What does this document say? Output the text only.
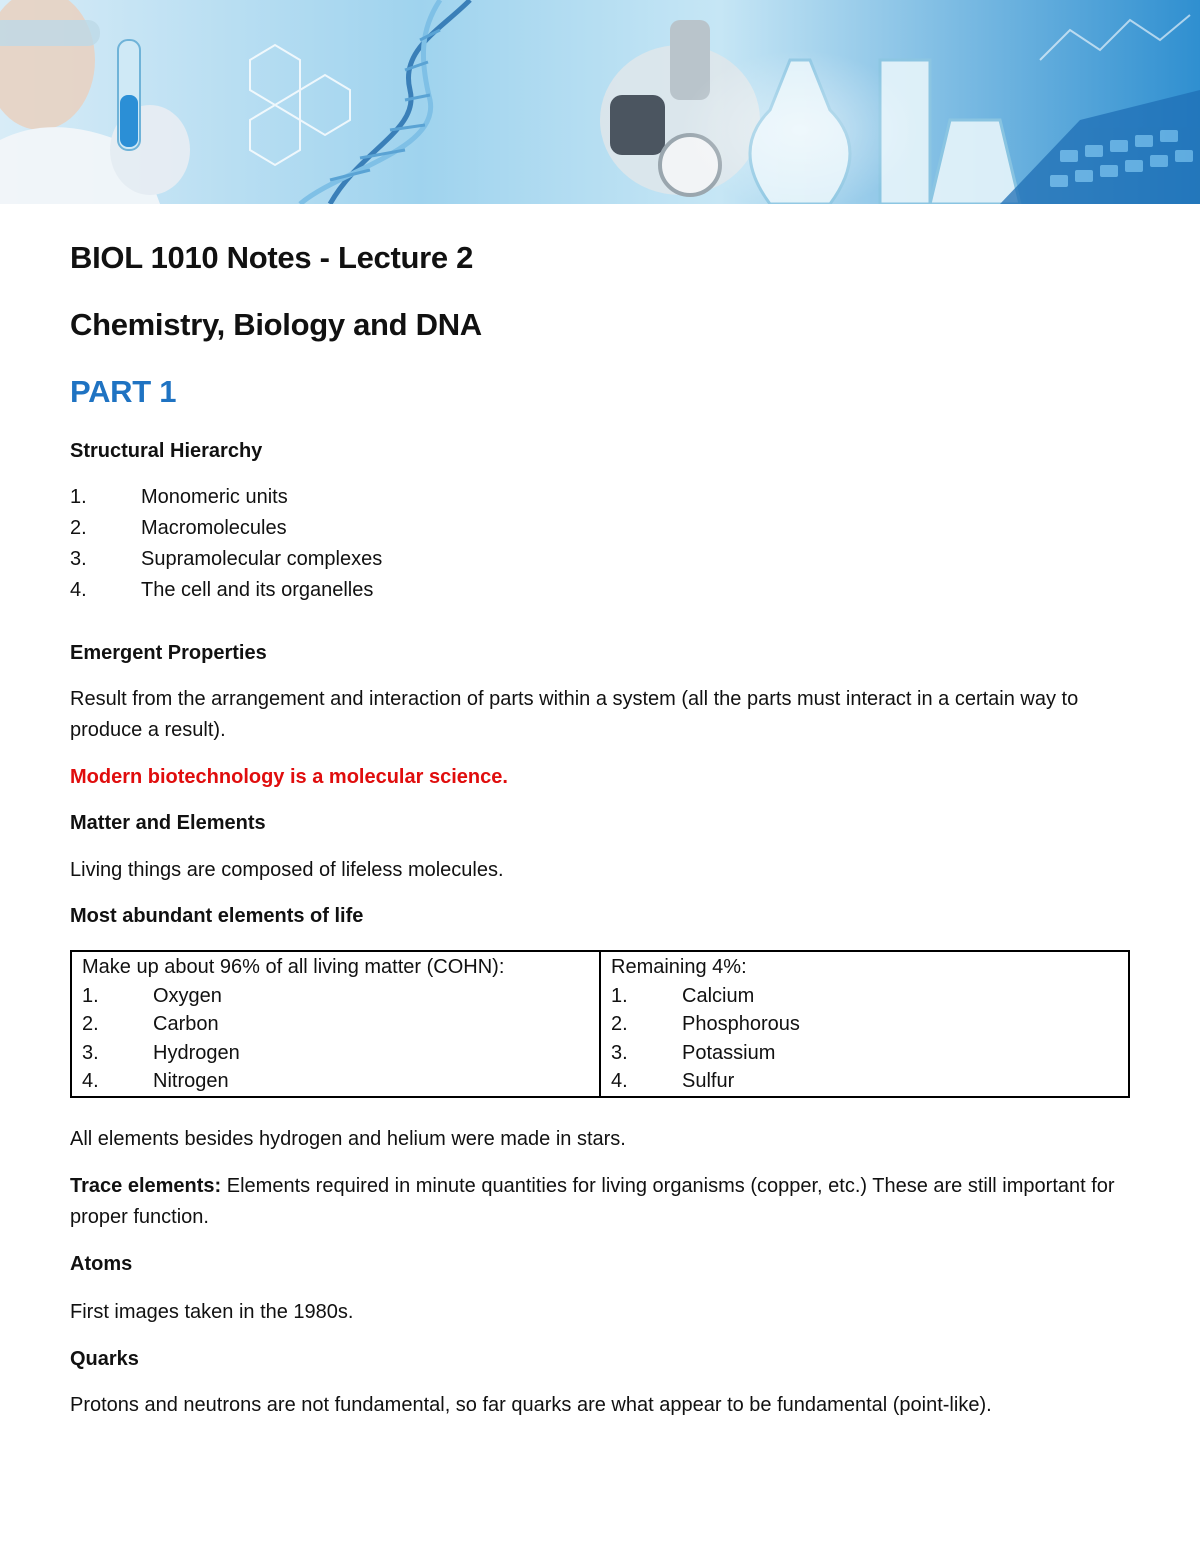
BIOL 1010 Notes - Lecture 2
Chemistry, Biology and DNA
PART 1
Structural Hierarchy
1.	Monomeric units
2.	Macromolecules
3.	Supramolecular complexes
4.	The cell and its organelles
Emergent Properties
Result from the arrangement and interaction of parts within a system (all the parts must interact in a certain way to produce a result).
Modern biotechnology is a molecular science.
Matter and Elements
Living things are composed of lifeless molecules.
Most abundant elements of life
Make up about 96% of all living matter (COHN):
1.	Oxygen
2.	Carbon
3.	Hydrogen
4.	Nitrogen

Remaining 4%:
1.	Calcium
2.	Phosphorous
3.	Potassium
4.	Sulfur
All elements besides hydrogen and helium were made in stars.
Trace elements: Elements required in minute quantities for living organisms (copper, etc.) These are still important for proper function.
Atoms
First images taken in the 1980s.
Quarks
Protons and neutrons are not fundamental, so far quarks are what appear to be fundamental (point-like).
